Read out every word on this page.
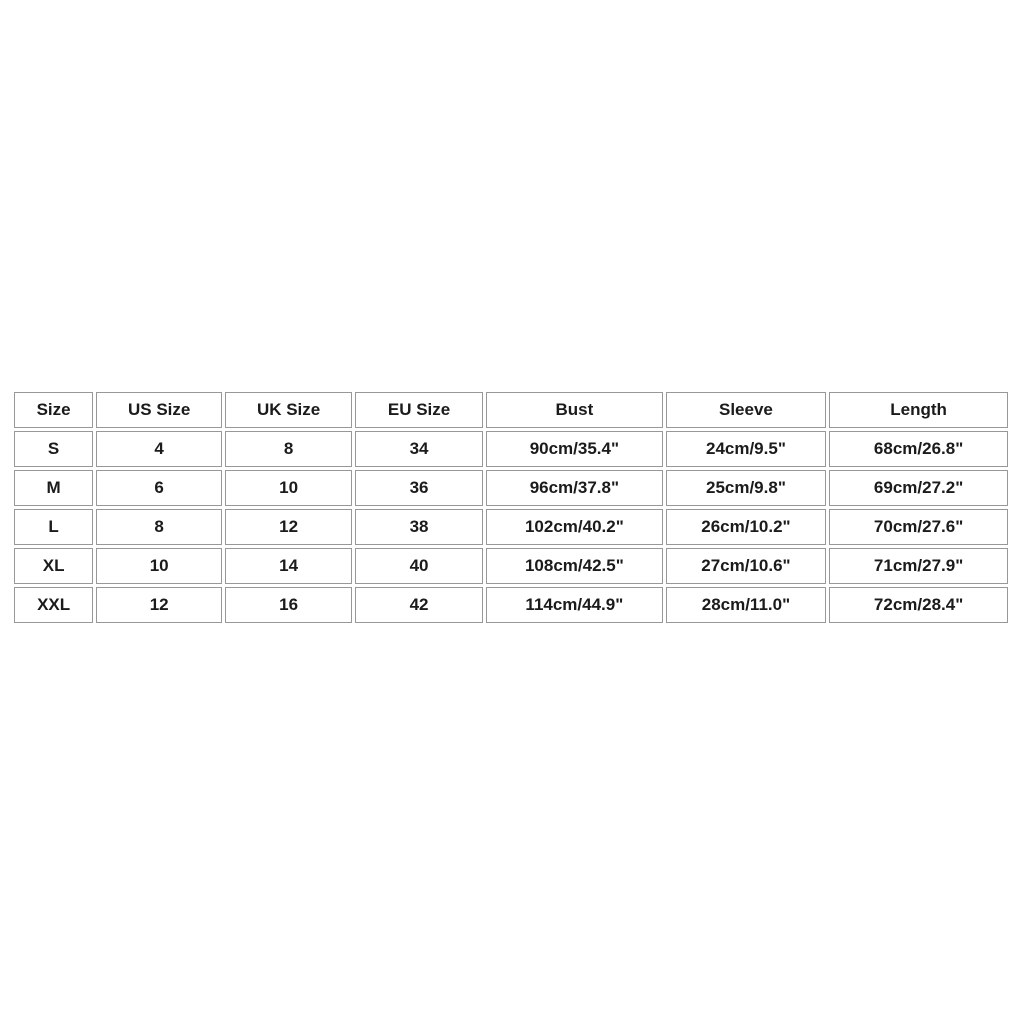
Size	US Size	UK Size	EU Size	Bust	Sleeve	Length
S	4	8	34	90cm/35.4"	24cm/9.5"	68cm/26.8"
M	6	10	36	96cm/37.8"	25cm/9.8"	69cm/27.2"
L	8	12	38	102cm/40.2"	26cm/10.2"	70cm/27.6"
XL	10	14	40	108cm/42.5"	27cm/10.6"	71cm/27.9"
XXL	12	16	42	114cm/44.9"	28cm/11.0"	72cm/28.4"
